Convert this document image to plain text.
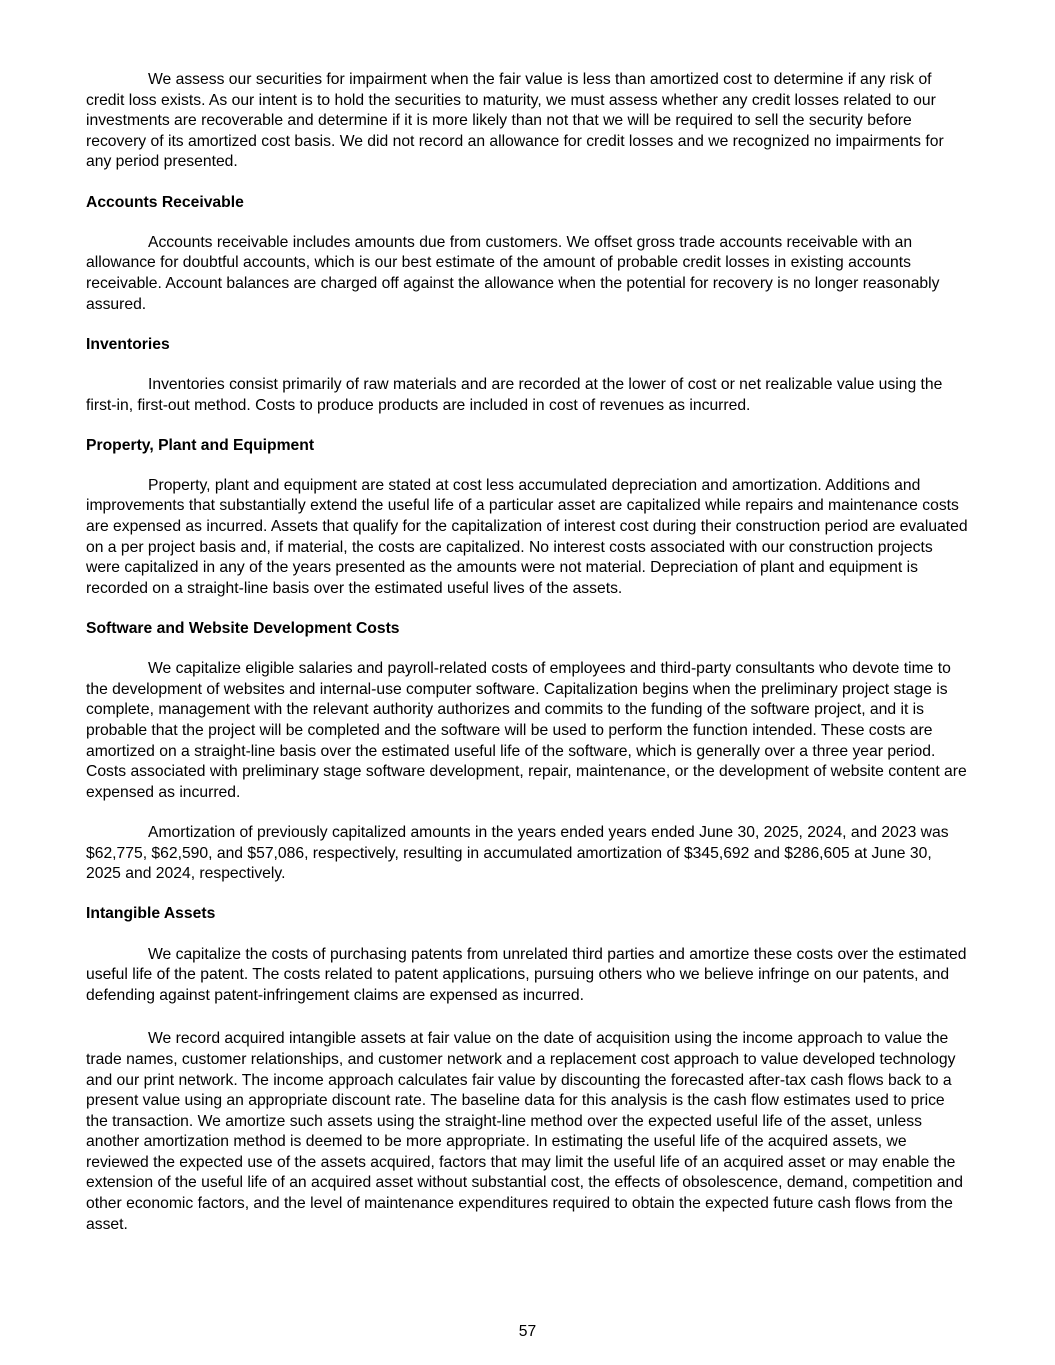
We assess our securities for impairment when the fair value is less than amortized cost to determine if any risk of credit loss exists. As our intent is to hold the securities to maturity, we must assess whether any credit losses related to our investments are recoverable and determine if it is more likely than not that we will be required to sell the security before recovery of its amortized cost basis. We did not record an allowance for credit losses and we recognized no impairments for any period presented.

Accounts Receivable

Accounts receivable includes amounts due from customers. We offset gross trade accounts receivable with an allowance for doubtful accounts, which is our best estimate of the amount of probable credit losses in existing accounts receivable. Account balances are charged off against the allowance when the potential for recovery is no longer reasonably assured.

Inventories

Inventories consist primarily of raw materials and are recorded at the lower of cost or net realizable value using the first-in, first-out method. Costs to produce products are included in cost of revenues as incurred.

Property, Plant and Equipment

Property, plant and equipment are stated at cost less accumulated depreciation and amortization. Additions and improvements that substantially extend the useful life of a particular asset are capitalized while repairs and maintenance costs are expensed as incurred. Assets that qualify for the capitalization of interest cost during their construction period are evaluated on a per project basis and, if material, the costs are capitalized. No interest costs associated with our construction projects were capitalized in any of the years presented as the amounts were not material. Depreciation of plant and equipment is recorded on a straight-line basis over the estimated useful lives of the assets.

Software and Website Development Costs

We capitalize eligible salaries and payroll-related costs of employees and third-party consultants who devote time to the development of websites and internal-use computer software. Capitalization begins when the preliminary project stage is complete, management with the relevant authority authorizes and commits to the funding of the software project, and it is probable that the project will be completed and the software will be used to perform the function intended. These costs are amortized on a straight-line basis over the estimated useful life of the software, which is generally over a three year period. Costs associated with preliminary stage software development, repair, maintenance, or the development of website content are expensed as incurred.

Amortization of previously capitalized amounts in the years ended years ended June 30, 2025, 2024, and 2023 was $62,775, $62,590, and $57,086, respectively, resulting in accumulated amortization of $345,692 and $286,605 at June 30, 2025 and 2024, respectively.

Intangible Assets

We capitalize the costs of purchasing patents from unrelated third parties and amortize these costs over the estimated useful life of the patent. The costs related to patent applications, pursuing others who we believe infringe on our patents, and defending against patent-infringement claims are expensed as incurred.

We record acquired intangible assets at fair value on the date of acquisition using the income approach to value the trade names, customer relationships, and customer network and a replacement cost approach to value developed technology and our print network. The income approach calculates fair value by discounting the forecasted after-tax cash flows back to a present value using an appropriate discount rate. The baseline data for this analysis is the cash flow estimates used to price the transaction. We amortize such assets using the straight-line method over the expected useful life of the asset, unless another amortization method is deemed to be more appropriate. In estimating the useful life of the acquired assets, we reviewed the expected use of the assets acquired, factors that may limit the useful life of an acquired asset or may enable the extension of the useful life of an acquired asset without substantial cost, the effects of obsolescence, demand, competition and other economic factors, and the level of maintenance expenditures required to obtain the expected future cash flows from the asset.

57
